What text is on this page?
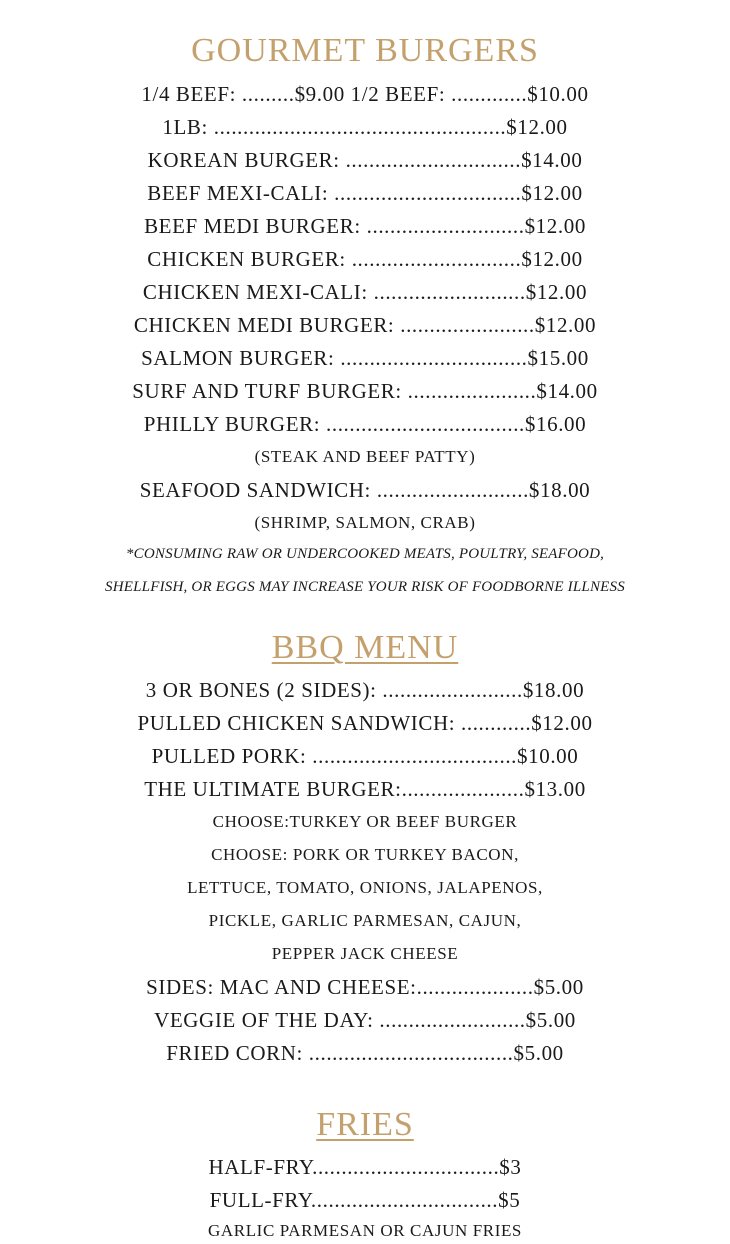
GOURMET BURGERS
1/4 BEEF: .........$9.00 1/2 BEEF: .............$10.00
1LB: ..................................................$12.00
KOREAN BURGER: ..............................$14.00
BEEF MEXI-CALI: ................................$12.00
BEEF MEDI BURGER: ...........................$12.00
CHICKEN BURGER: .............................$12.00
CHICKEN MEXI-CALI: ..........................$12.00
CHICKEN MEDI BURGER: .......................$12.00
SALMON BURGER: ................................$15.00
SURF AND TURF BURGER: ......................$14.00
PHILLY BURGER: ..................................$16.00
(STEAK AND BEEF PATTY)
SEAFOOD SANDWICH: ..........................$18.00
(SHRIMP, SALMON, CRAB)
*CONSUMING RAW OR UNDERCOOKED MEATS, POULTRY, SEAFOOD,
SHELLFISH, OR EGGS MAY INCREASE YOUR RISK OF FOODBORNE ILLNESS
BBQ MENU
3 OR BONES (2 SIDES): ........................$18.00
PULLED CHICKEN SANDWICH: ............$12.00
PULLED PORK: ...................................$10.00
THE ULTIMATE BURGER:.....................$13.00
CHOOSE:TURKEY OR BEEF BURGER
CHOOSE: PORK OR TURKEY BACON,
LETTUCE, TOMATO, ONIONS, JALAPENOS,
PICKLE, GARLIC PARMESAN, CAJUN,
PEPPER JACK CHEESE
SIDES: MAC AND CHEESE:....................$5.00
VEGGIE OF THE DAY: .........................$5.00
FRIED CORN: ...................................$5.00
FRIES
HALF-FRY................................$3
FULL-FRY................................$5
GARLIC PARMESAN OR CAJUN FRIES
